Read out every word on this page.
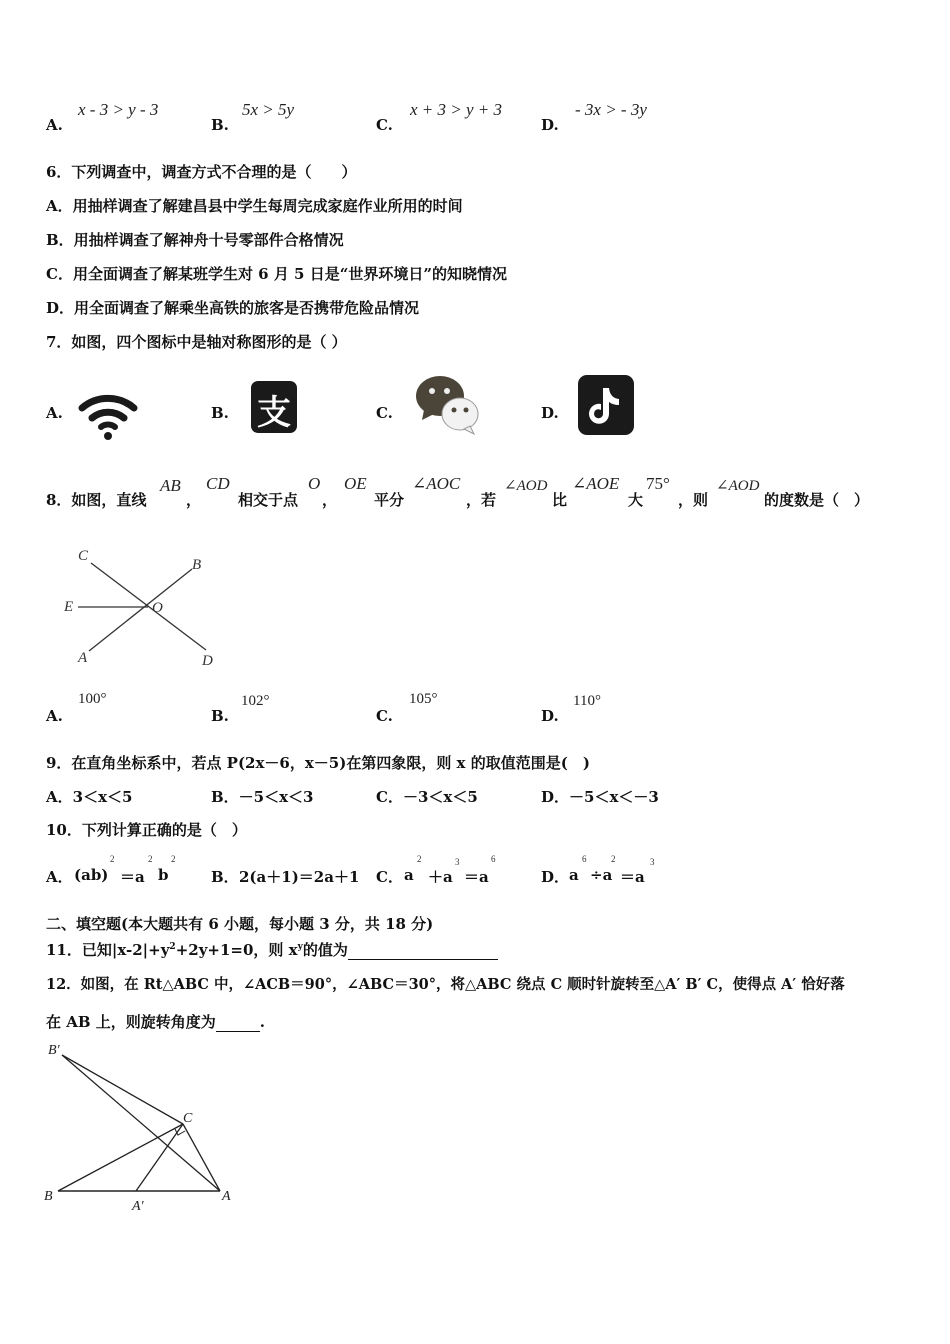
A.
x - 3 > y - 3
B.
5x > 5y
C.
x + 3 > y + 3
D.
- 3x > - 3y
6．下列调查中，调查方式不合理的是（　　）
A．用抽样调查了解建昌县中学生每周完成家庭作业所用的时间
B．用抽样调查了解神舟十号零部件合格情况
C．用全面调查了解某班学生对 6 月 5 日是“世界环境日”的知晓情况
D．用全面调查了解乘坐高铁的旅客是否携带危险品情况
7．如图，四个图标中是轴对称图形的是（ ）
A.	B. 支	C.	D.
8．如图，直线
AB
，
CD
相交于点
O
，
OE
平分
∠AOC
，若
∠AOD
比
∠AOE
大
75°
，则
∠AOD
的度数是（　）
C
B
E	O
A	D
A.
100°
B.
102°
C.
105°
D.
110°
9．在直角坐标系中，若点 P(2x－6，x－5)在第四象限，则 x 的取值范围是(　)
A．3＜x＜5	B．－5＜x＜3	C．－3＜x＜5	D．－5＜x＜－3
10．下列计算正确的是（　）
A． (ab)
2
＝a
2
b
2
B． 2(a＋1)＝2a＋1 C． a
2
＋a
3
＝a
6
D． a
6
÷a
2
＝a
3
二、填空题(本大题共有 6 小题，每小题 3 分，共 18 分)
11．已知$|x-2|+y^2+2y+1=0$，则 $x^y$的值为
12．如图，在 Rt△ABC 中，∠ACB＝90°，∠ABC＝30°，将△ABC 绕点 C 顺时针旋转至△A′ B′ C，使得点 A′ 恰好落
在 AB 上，则旋转角度为	.
B′
C
B
A′
A
